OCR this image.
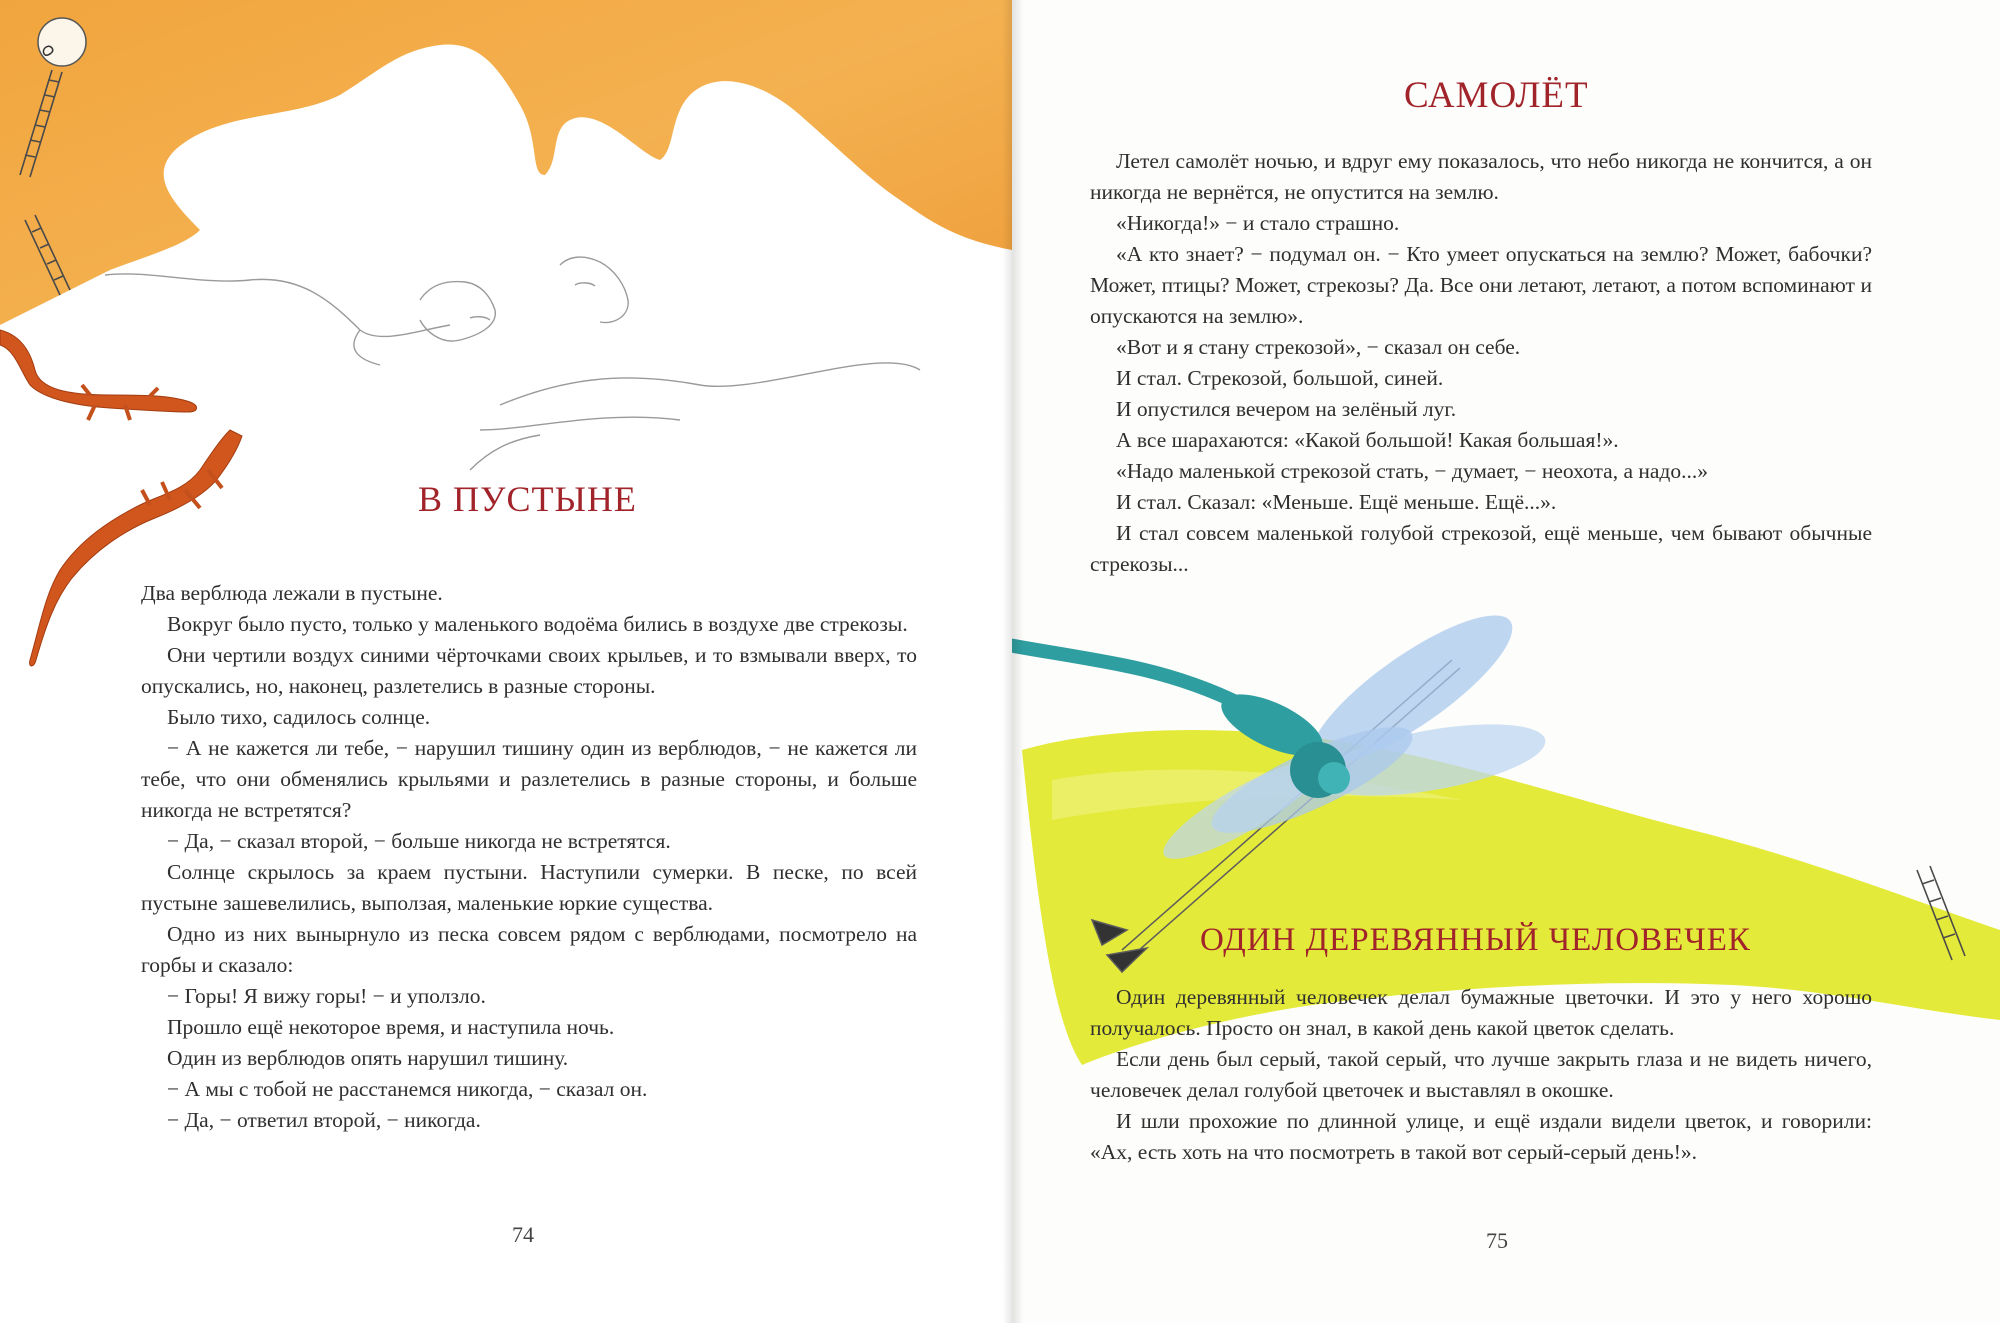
В ПУСТЫНЕ

Два верблюда лежали в пустыне.

Вокруг было пусто, только у маленького водоёма бились в воздухе две стрекозы.

Они чертили воздух синими чёрточками своих крыльев, и то взмывали вверх, то опускались, но, наконец, разлетелись в разные стороны.

Было тихо, садилось солнце.

− А не кажется ли тебе, − нарушил тишину один из верблюдов, − не кажется ли тебе, что они обменялись крыльями и разлетелись в разные стороны, и больше никогда не встретятся?

− Да, − сказал второй, − больше никогда не встретятся.

Солнце скрылось за краем пустыни. Наступили сумерки. В песке, по всей пустыне зашевелились, выползая, маленькие юркие существа.

Одно из них вынырнуло из песка совсем рядом с верблюдами, посмотрело на горбы и сказало:

− Горы! Я вижу горы! − и уползло.

Прошло ещё некоторое время, и наступила ночь.

Один из верблюдов опять нарушил тишину.

− А мы с тобой не расстанемся никогда, − сказал он.

− Да, − ответил второй, − никогда.

74
САМОЛЁТ

Летел самолёт ночью, и вдруг ему показалось, что небо никогда не кончится, а он никогда не вернётся, не опустится на землю.

«Никогда!» − и стало страшно.

«А кто знает? − подумал он. − Кто умеет опускаться на землю? Может, бабочки? Может, птицы? Может, стрекозы? Да. Все они летают, летают, а потом вспоминают и опускаются на землю».

«Вот и я стану стрекозой», − сказал он себе.

И стал. Стрекозой, большой, синей.

И опустился вечером на зелёный луг.

А все шарахаются: «Какой большой! Какая большая!».

«Надо маленькой стрекозой стать, − думает, − неохота, а надо...»

И стал. Сказал: «Меньше. Ещё меньше. Ещё...».

И стал совсем маленькой голубой стрекозой, ещё меньше, чем бывают обычные стрекозы...

ОДИН ДЕРЕВЯННЫЙ ЧЕЛОВЕЧЕК

Один деревянный человечек делал бумажные цветочки. И это у него хорошо получалось. Просто он знал, в какой день какой цветок сделать.

Если день был серый, такой серый, что лучше закрыть глаза и не видеть ничего, человечек делал голубой цветочек и выставлял в окошке.

И шли прохожие по длинной улице, и ещё издали видели цветок, и говорили: «Ах, есть хоть на что посмотреть в такой вот серый-серый день!».

75
